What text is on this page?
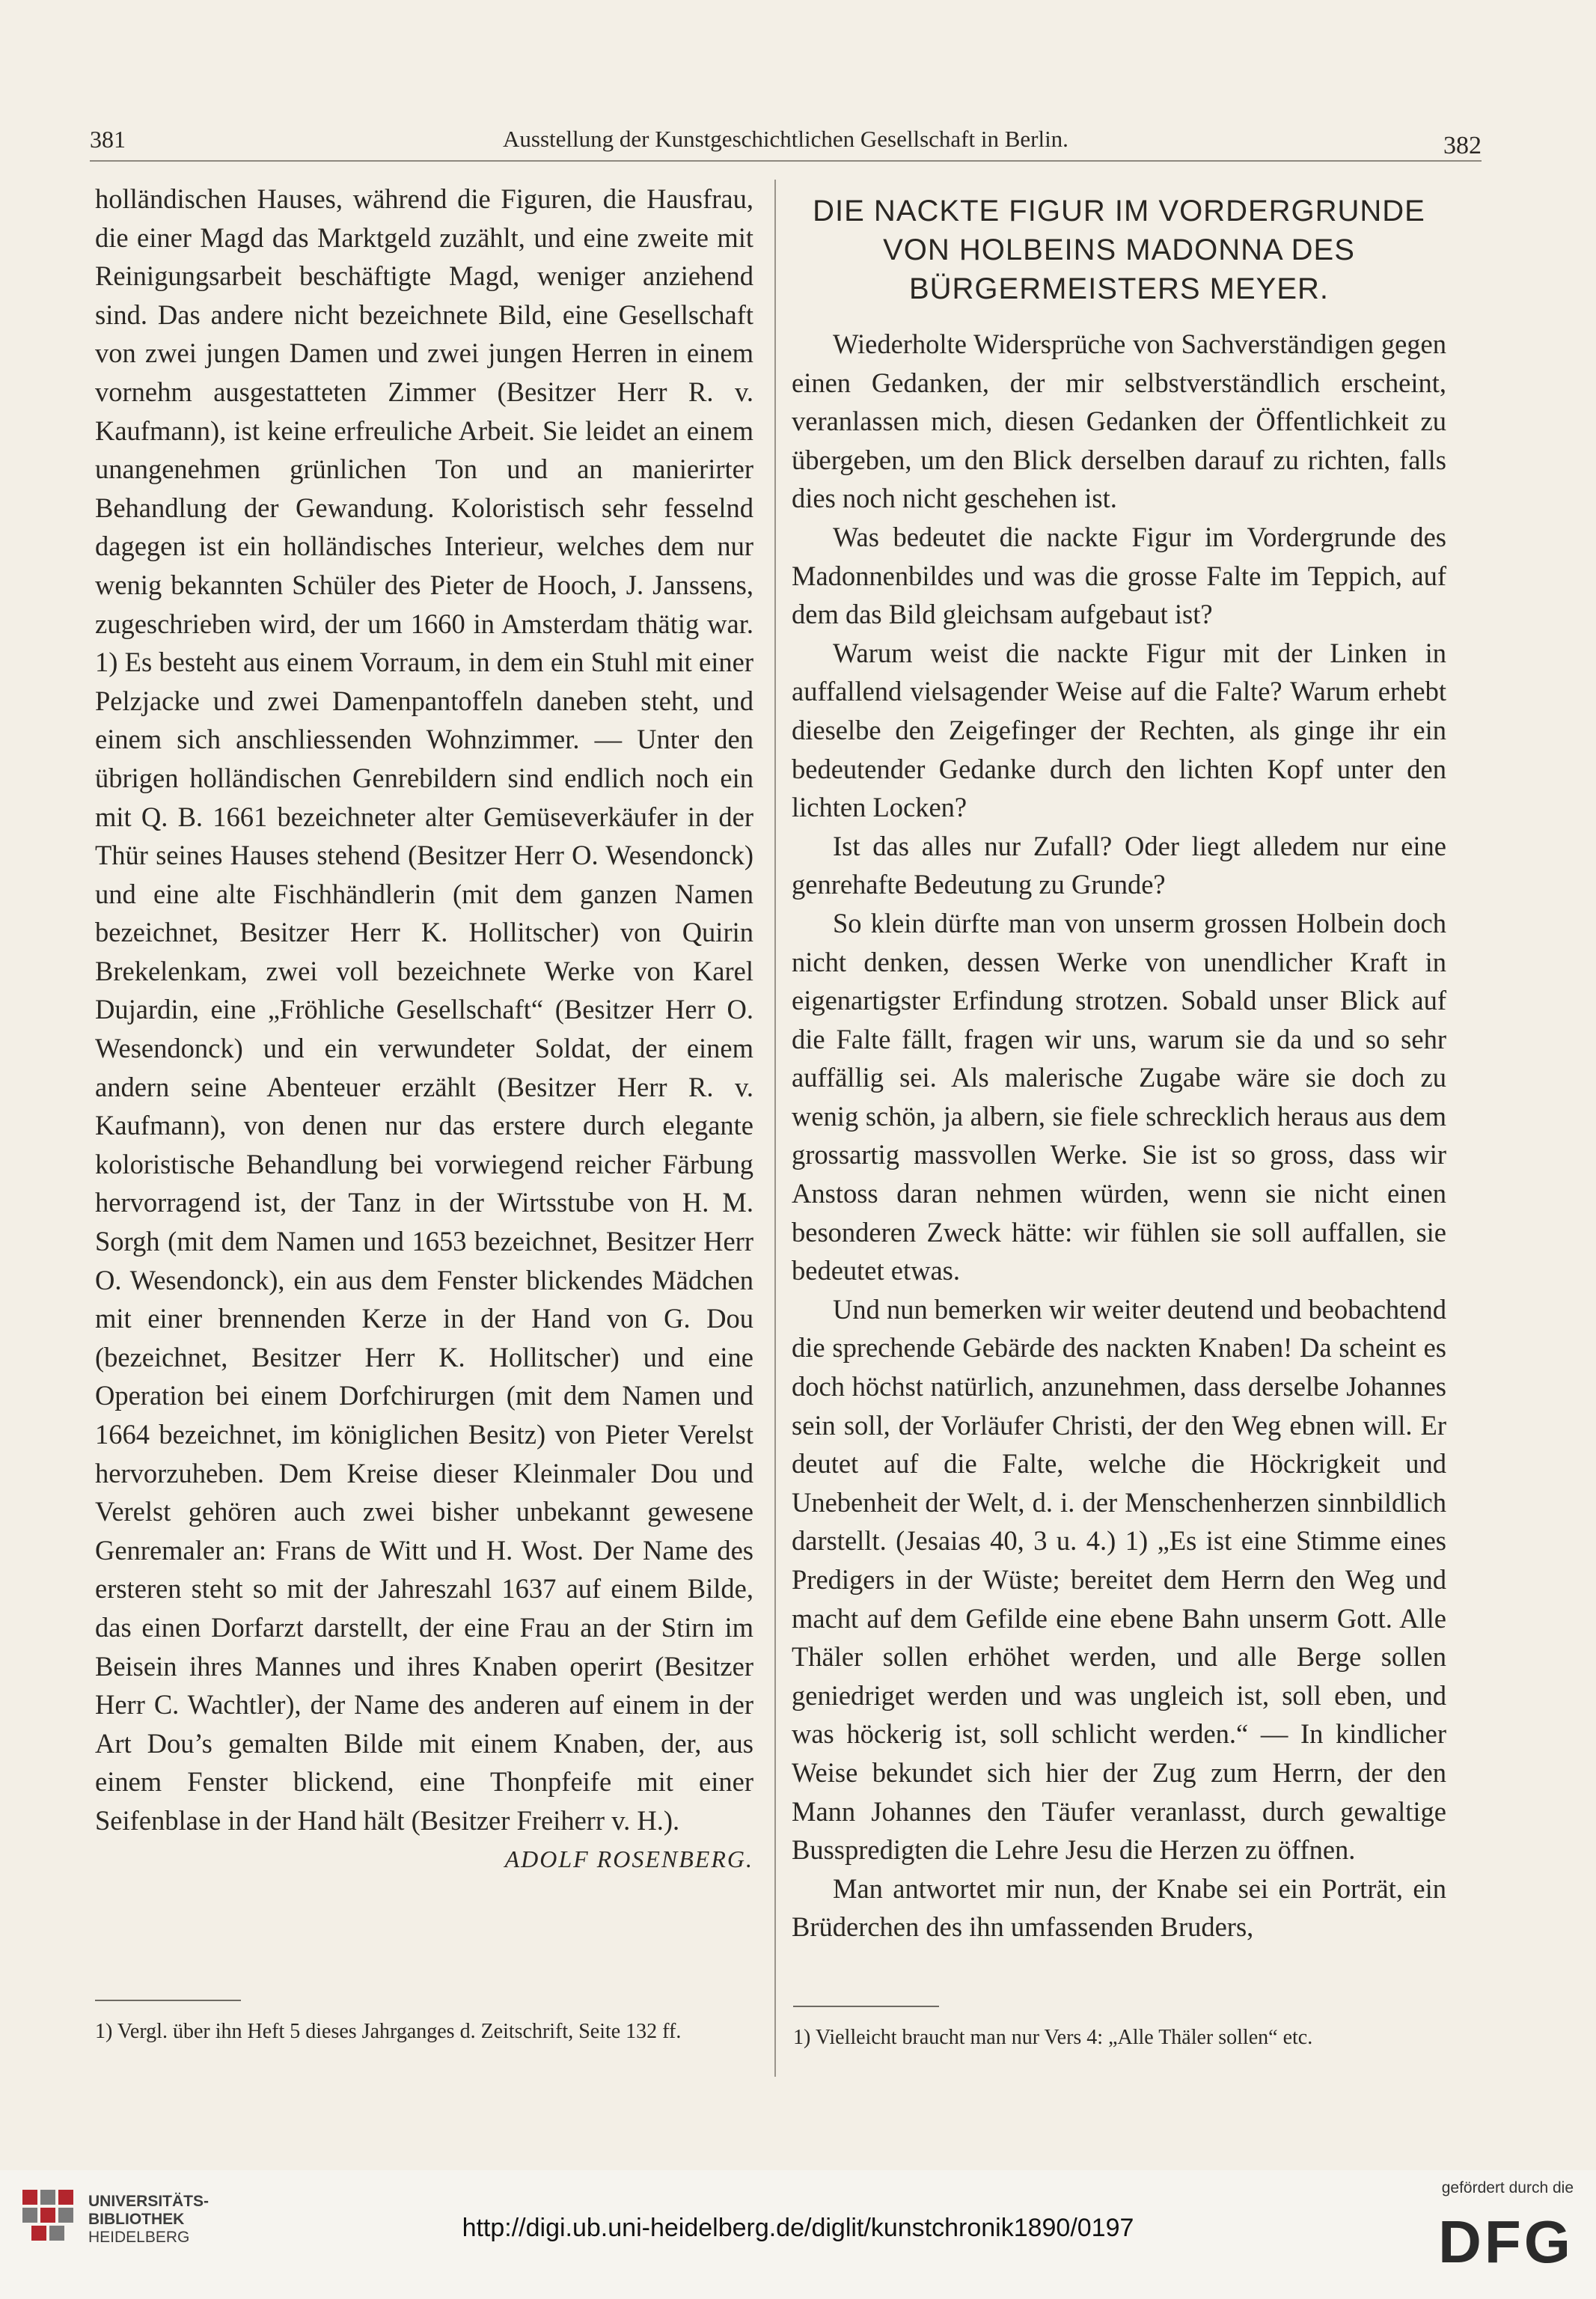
381	Ausstellung der Kunstgeschichtlichen Gesellschaft in Berlin.	382

holländischen Hauses, während die Figuren, die Hausfrau, die einer Magd das Marktgeld zuzählt, und eine zweite mit Reinigungsarbeit beschäftigte Magd, weniger anziehend sind. Das andere nicht bezeichnete Bild, eine Gesellschaft von zwei jungen Damen und zwei jungen Herren in einem vornehm ausgestatteten Zimmer (Besitzer Herr R. v. Kaufmann), ist keine erfreuliche Arbeit. Sie leidet an einem unangenehmen grünlichen Ton und an manierirter Behandlung der Gewandung. Koloristisch sehr fesselnd dagegen ist ein holländisches Interieur, welches dem nur wenig bekannten Schüler des Pieter de Hooch, J. Janssens, zugeschrieben wird, der um 1660 in Amsterdam thätig war. 1) Es besteht aus einem Vorraum, in dem ein Stuhl mit einer Pelzjacke und zwei Damenpantoffeln daneben steht, und einem sich anschliessenden Wohnzimmer. — Unter den übrigen holländischen Genrebildern sind endlich noch ein mit Q. B. 1661 bezeichneter alter Gemüseverkäufer in der Thür seines Hauses stehend (Besitzer Herr O. Wesendonck) und eine alte Fischhändlerin (mit dem ganzen Namen bezeichnet, Besitzer Herr K. Hollitscher) von Quirin Brekelenkam, zwei voll bezeichnete Werke von Karel Dujardin, eine „Fröhliche Gesellschaft“ (Besitzer Herr O. Wesendonck) und ein verwundeter Soldat, der einem andern seine Abenteuer erzählt (Besitzer Herr R. v. Kaufmann), von denen nur das erstere durch elegante koloristische Behandlung bei vorwiegend reicher Färbung hervorragend ist, der Tanz in der Wirtsstube von H. M. Sorgh (mit dem Namen und 1653 bezeichnet, Besitzer Herr O. Wesendonck), ein aus dem Fenster blickendes Mädchen mit einer brennenden Kerze in der Hand von G. Dou (bezeichnet, Besitzer Herr K. Hollitscher) und eine Operation bei einem Dorfchirurgen (mit dem Namen und 1664 bezeichnet, im königlichen Besitz) von Pieter Verelst hervorzuheben. Dem Kreise dieser Kleinmaler Dou und Verelst gehören auch zwei bisher unbekannt gewesene Genremaler an: Frans de Witt und H. Wost. Der Name des ersteren steht so mit der Jahreszahl 1637 auf einem Bilde, das einen Dorfarzt darstellt, der eine Frau an der Stirn im Beisein ihres Mannes und ihres Knaben operirt (Besitzer Herr C. Wachtler), der Name des anderen auf einem in der Art Dou’s gemalten Bilde mit einem Knaben, der, aus einem Fenster blickend, eine Thonpfeife mit einer Seifenblase in der Hand hält (Besitzer Freiherr v. H.).

ADOLF ROSENBERG.

DIE NACKTE FIGUR IM VORDERGRUNDE VON HOLBEINS MADONNA DES BÜRGERMEISTERS MEYER.

Wiederholte Widersprüche von Sachverständigen gegen einen Gedanken, der mir selbstverständlich erscheint, veranlassen mich, diesen Gedanken der Öffentlichkeit zu übergeben, um den Blick derselben darauf zu richten, falls dies noch nicht geschehen ist.

Was bedeutet die nackte Figur im Vordergrunde des Madonnenbildes und was die grosse Falte im Teppich, auf dem das Bild gleichsam aufgebaut ist?

Warum weist die nackte Figur mit der Linken in auffallend vielsagender Weise auf die Falte? Warum erhebt dieselbe den Zeigefinger der Rechten, als ginge ihr ein bedeutender Gedanke durch den lichten Kopf unter den lichten Locken?

Ist das alles nur Zufall? Oder liegt alledem nur eine genrehafte Bedeutung zu Grunde?

So klein dürfte man von unserm grossen Holbein doch nicht denken, dessen Werke von unendlicher Kraft in eigenartigster Erfindung strotzen. Sobald unser Blick auf die Falte fällt, fragen wir uns, warum sie da und so sehr auffällig sei. Als malerische Zugabe wäre sie doch zu wenig schön, ja albern, sie fiele schrecklich heraus aus dem grossartig massvollen Werke. Sie ist so gross, dass wir Anstoss daran nehmen würden, wenn sie nicht einen besonderen Zweck hätte: wir fühlen sie soll auffallen, sie bedeutet etwas.

Und nun bemerken wir weiter deutend und beobachtend die sprechende Gebärde des nackten Knaben! Da scheint es doch höchst natürlich, anzunehmen, dass derselbe Johannes sein soll, der Vorläufer Christi, der den Weg ebnen will. Er deutet auf die Falte, welche die Höckrigkeit und Unebenheit der Welt, d. i. der Menschenherzen sinnbildlich darstellt. (Jesaias 40, 3 u. 4.) 1) „Es ist eine Stimme eines Predigers in der Wüste; bereitet dem Herrn den Weg und macht auf dem Gefilde eine ebene Bahn unserm Gott. Alle Thäler sollen erhöhet werden, und alle Berge sollen geniedriget werden und was ungleich ist, soll eben, und was höckerig ist, soll schlicht werden.“ — In kindlicher Weise bekundet sich hier der Zug zum Herrn, der den Mann Johannes den Täufer veranlasst, durch gewaltige Busspredigten die Lehre Jesu die Herzen zu öffnen.

Man antwortet mir nun, der Knabe sei ein Porträt, ein Brüderchen des ihn umfassenden Bruders,

1) Vergl. über ihn Heft 5 dieses Jahrganges d. Zeitschrift, Seite 132 ff.	1) Vielleicht braucht man nur Vers 4: „Alle Thäler sollen“ etc.
UNIVERSITÄTS-
BIBLIOTHEK
HEIDELBERG	http://digi.ub.uni-heidelberg.de/diglit/kunstchronik1890/0197
gefördert durch die
DFG
